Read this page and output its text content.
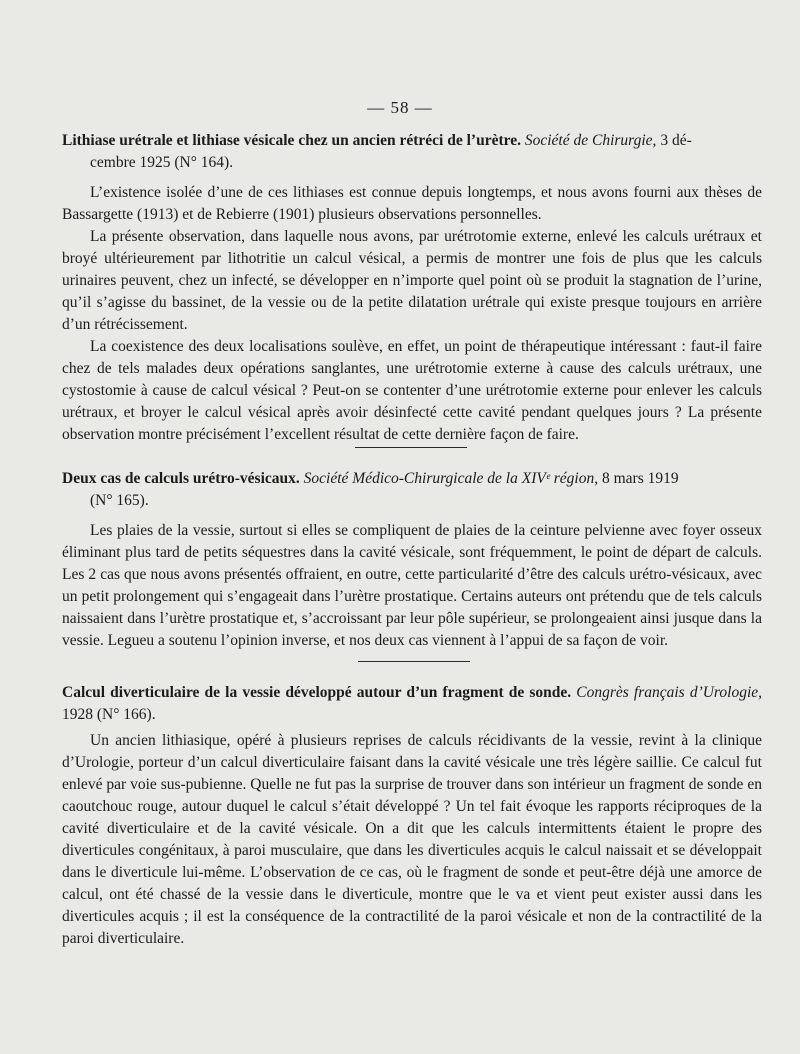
— 58 —
Lithiase urétrale et lithiase vésicale chez un ancien rétréci de l’urètre. Société de Chirurgie, 3 dé-
cembre 1925 (N° 164).

L’existence isolée d’une de ces lithiases est connue depuis longtemps, et nous avons fourni aux thèses de Bassargette (1913) et de Rebierre (1901) plusieurs observations personnelles.

La présente observation, dans laquelle nous avons, par urétrotomie externe, enlevé les calculs urétraux et broyé ultérieurement par lithotritie un calcul vésical, a permis de montrer une fois de plus que les calculs urinaires peuvent, chez un infecté, se développer en n’importe quel point où se produit la stagnation de l’urine, qu’il s’agisse du bassinet, de la vessie ou de la petite dilatation urétrale qui existe presque toujours en arrière d’un rétrécissement.

La coexistence des deux localisations soulève, en effet, un point de thérapeutique intéressant : faut-il faire chez de tels malades deux opérations sanglantes, une urétrotomie externe à cause des calculs urétraux, une cystostomie à cause de calcul vésical ? Peut-on se contenter d’une urétrotomie externe pour enlever les calculs urétraux, et broyer le calcul vésical après avoir désinfecté cette cavité pendant quelques jours ? La présente observation montre précisément l’excellent résultat de cette dernière façon de faire.

Deux cas de calculs urétro-vésicaux. Société Médico-Chirurgicale de la XIVᵉ région, 8 mars 1919
(N° 165).

Les plaies de la vessie, surtout si elles se compliquent de plaies de la ceinture pelvienne avec foyer osseux éliminant plus tard de petits séquestres dans la cavité vésicale, sont fréquemment, le point de départ de calculs. Les 2 cas que nous avons présentés offraient, en outre, cette particularité d’être des calculs urétro-vésicaux, avec un petit prolongement qui s’engageait dans l’urètre prostatique. Certains auteurs ont prétendu que de tels calculs naissaient dans l’urètre prostatique et, s’accroissant par leur pôle supérieur, se prolongeaient ainsi jusque dans la vessie. Legueu a soutenu l’opinion inverse, et nos deux cas viennent à l’appui de sa façon de voir.

Calcul diverticulaire de la vessie développé autour d’un fragment de sonde. Congrès français d’Urologie, 1928 (N° 166).

Un ancien lithiasique, opéré à plusieurs reprises de calculs récidivants de la vessie, revint à la clinique d’Urologie, porteur d’un calcul diverticulaire faisant dans la cavité vésicale une très légère saillie. Ce calcul fut enlevé par voie sus-pubienne. Quelle ne fut pas la surprise de trouver dans son intérieur un fragment de sonde en caoutchouc rouge, autour duquel le calcul s’était développé ? Un tel fait évoque les rapports réciproques de la cavité diverticulaire et de la cavité vésicale. On a dit que les calculs intermittents étaient le propre des diverticules congénitaux, à paroi musculaire, que dans les diverticules acquis le calcul naissait et se développait dans le diverticule lui-même. L’observation de ce cas, où le fragment de sonde et peut-être déjà une amorce de calcul, ont été chassé de la vessie dans le diverticule, montre que le va et vient peut exister aussi dans les diverticules acquis ; il est la conséquence de la contractilité de la paroi vésicale et non de la contractilité de la paroi diverticulaire.
